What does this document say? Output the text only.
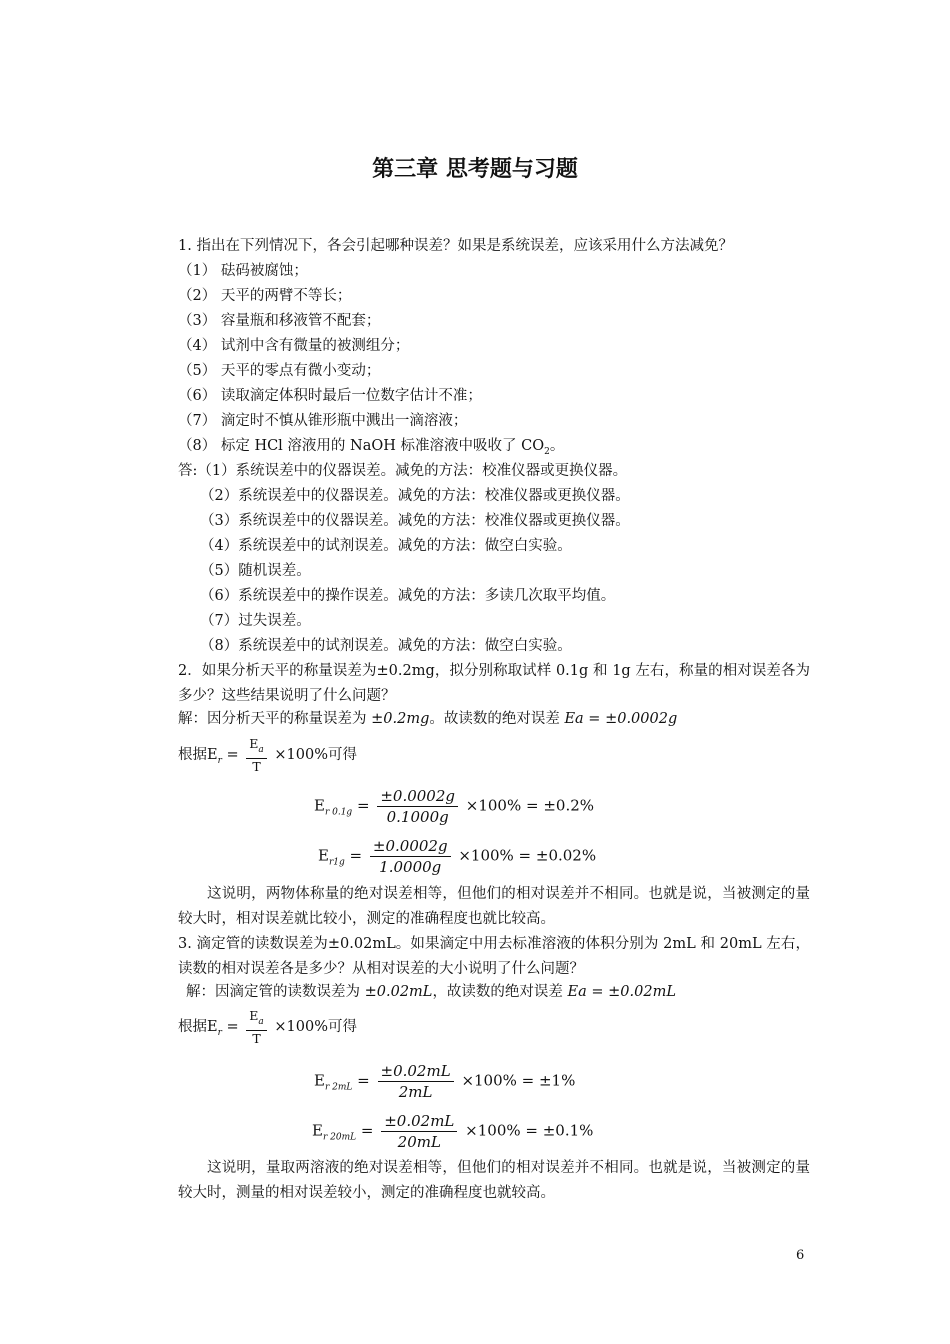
第三章 思考题与习题
1. 指出在下列情况下，各会引起哪种误差？如果是系统误差，应该采用什么方法减免？
（1） 砝码被腐蚀；
（2） 天平的两臂不等长；
（3） 容量瓶和移液管不配套；
（4） 试剂中含有微量的被测组分；
（5） 天平的零点有微小变动；
（6） 读取滴定体积时最后一位数字估计不准；
（7） 滴定时不慎从锥形瓶中溅出一滴溶液；
（8） 标定 HCl 溶液用的 NaOH 标准溶液中吸收了 $CO_2$。
答:（1）系统误差中的仪器误差。减免的方法：校准仪器或更换仪器。
（2）系统误差中的仪器误差。减免的方法：校准仪器或更换仪器。
（3）系统误差中的仪器误差。减免的方法：校准仪器或更换仪器。
（4）系统误差中的试剂误差。减免的方法：做空白实验。
（5）随机误差。
（6）系统误差中的操作误差。减免的方法：多读几次取平均值。
（7）过失误差。
（8）系统误差中的试剂误差。减免的方法：做空白实验。
2．如果分析天平的称量误差为±0.2mg，拟分别称取试样 0.1g 和 1g 左右，称量的相对误差各为多少？这些结果说明了什么问题？
解：因分析天平的称量误差为 ±0.2mg。故读数的绝对误差 Ea = ±0.0002g
根据$E_r = \frac{E_a}{T} \times 100\%$可得
$E_{r 0.1g} = \frac{\pm 0.0002g}{0.1000g} \times 100\% = \pm 0.2\%$
$E_{r1g} = \frac{\pm 0.0002g}{1.0000g} \times 100\% = \pm 0.02\%$
这说明，两物体称量的绝对误差相等，但他们的相对误差并不相同。也就是说，当被测定的量较大时，相对误差就比较小，测定的准确程度也就比较高。
3. 滴定管的读数误差为±0.02mL。如果滴定中用去标准溶液的体积分别为 2mL 和 20mL 左右，读数的相对误差各是多少？从相对误差的大小说明了什么问题？
解：因滴定管的读数误差为 ±0.02mL，故读数的绝对误差 Ea = ±0.02mL
根据$E_r = \frac{E_a}{T} \times 100\%$可得
$E_{r 2mL} = \frac{\pm 0.02mL}{2mL} \times 100\% = \pm 1\%$
$E_{r 20mL} = \frac{\pm 0.02mL}{20mL} \times 100\% = \pm 0.1\%$
这说明，量取两溶液的绝对误差相等，但他们的相对误差并不相同。也就是说，当被测定的量较大时，测量的相对误差较小，测定的准确程度也就较高。
6
